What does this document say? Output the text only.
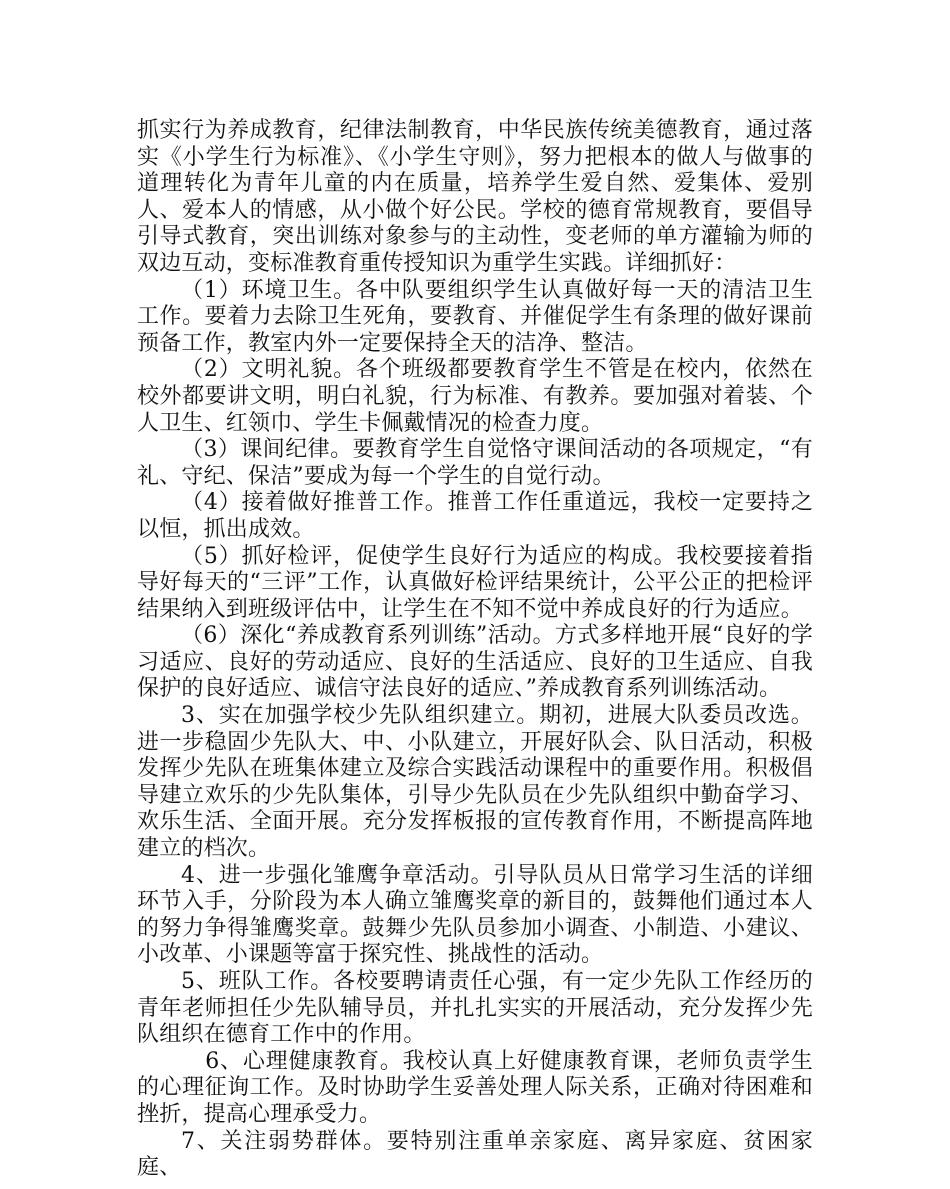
抓实行为养成教育，纪律法制教育，中华民族传统美德教育，通过落实《小学生行为标准》、《小学生守则》，努力把根本的做人与做事的道理转化为青年儿童的内在质量，培养学生爱自然、爱集体、爱别人、爱本人的情感，从小做个好公民。学校的德育常规教育，要倡导引导式教育，突出训练对象参与的主动性，变老师的单方灌输为师的双边互动，变标准教育重传授知识为重学生实践。详细抓好：

（1）环境卫生。各中队要组织学生认真做好每一天的清洁卫生工作。要着力去除卫生死角，要教育、并催促学生有条理的做好课前预备工作，教室内外一定要保持全天的洁净、整洁。

（2）文明礼貌。各个班级都要教育学生不管是在校内，依然在校外都要讲文明，明白礼貌，行为标准、有教养。要加强对着装、个人卫生、红领巾、学生卡佩戴情况的检查力度。

（3）课间纪律。要教育学生自觉恪守课间活动的各项规定，“有礼、守纪、保洁”要成为每一个学生的自觉行动。

（4）接着做好推普工作。推普工作任重道远，我校一定要持之以恒，抓出成效。

（5）抓好检评，促使学生良好行为适应的构成。我校要接着指导好每天的“三评”工作，认真做好检评结果统计，公平公正的把检评结果纳入到班级评估中，让学生在不知不觉中养成良好的行为适应。

（6）深化“养成教育系列训练”活动。方式多样地开展“良好的学习适应、良好的劳动适应、良好的生活适应、良好的卫生适应、自我保护的良好适应、诚信守法良好的适应、”养成教育系列训练活动。

3、实在加强学校少先队组织建立。期初，进展大队委员改选。进一步稳固少先队大、中、小队建立，开展好队会、队日活动，积极发挥少先队在班集体建立及综合实践活动课程中的重要作用。积极倡导建立欢乐的少先队集体，引导少先队员在少先队组织中勤奋学习、欢乐生活、全面开展。充分发挥板报的宣传教育作用，不断提高阵地建立的档次。

4、进一步强化雏鹰争章活动。引导队员从日常学习生活的详细环节入手，分阶段为本人确立雏鹰奖章的新目的，鼓舞他们通过本人的努力争得雏鹰奖章。鼓舞少先队员参加小调查、小制造、小建议、小改革、小课题等富于探究性、挑战性的活动。

5、班队工作。各校要聘请责任心强，有一定少先队工作经历的青年老师担任少先队辅导员，并扎扎实实的开展活动，充分发挥少先队组织在德育工作中的作用。

6、心理健康教育。我校认真上好健康教育课，老师负责学生的心理征询工作。及时协助学生妥善处理人际关系，正确对待困难和挫折，提高心理承受力。

7、关注弱势群体。要特别注重单亲家庭、离异家庭、贫困家庭、
